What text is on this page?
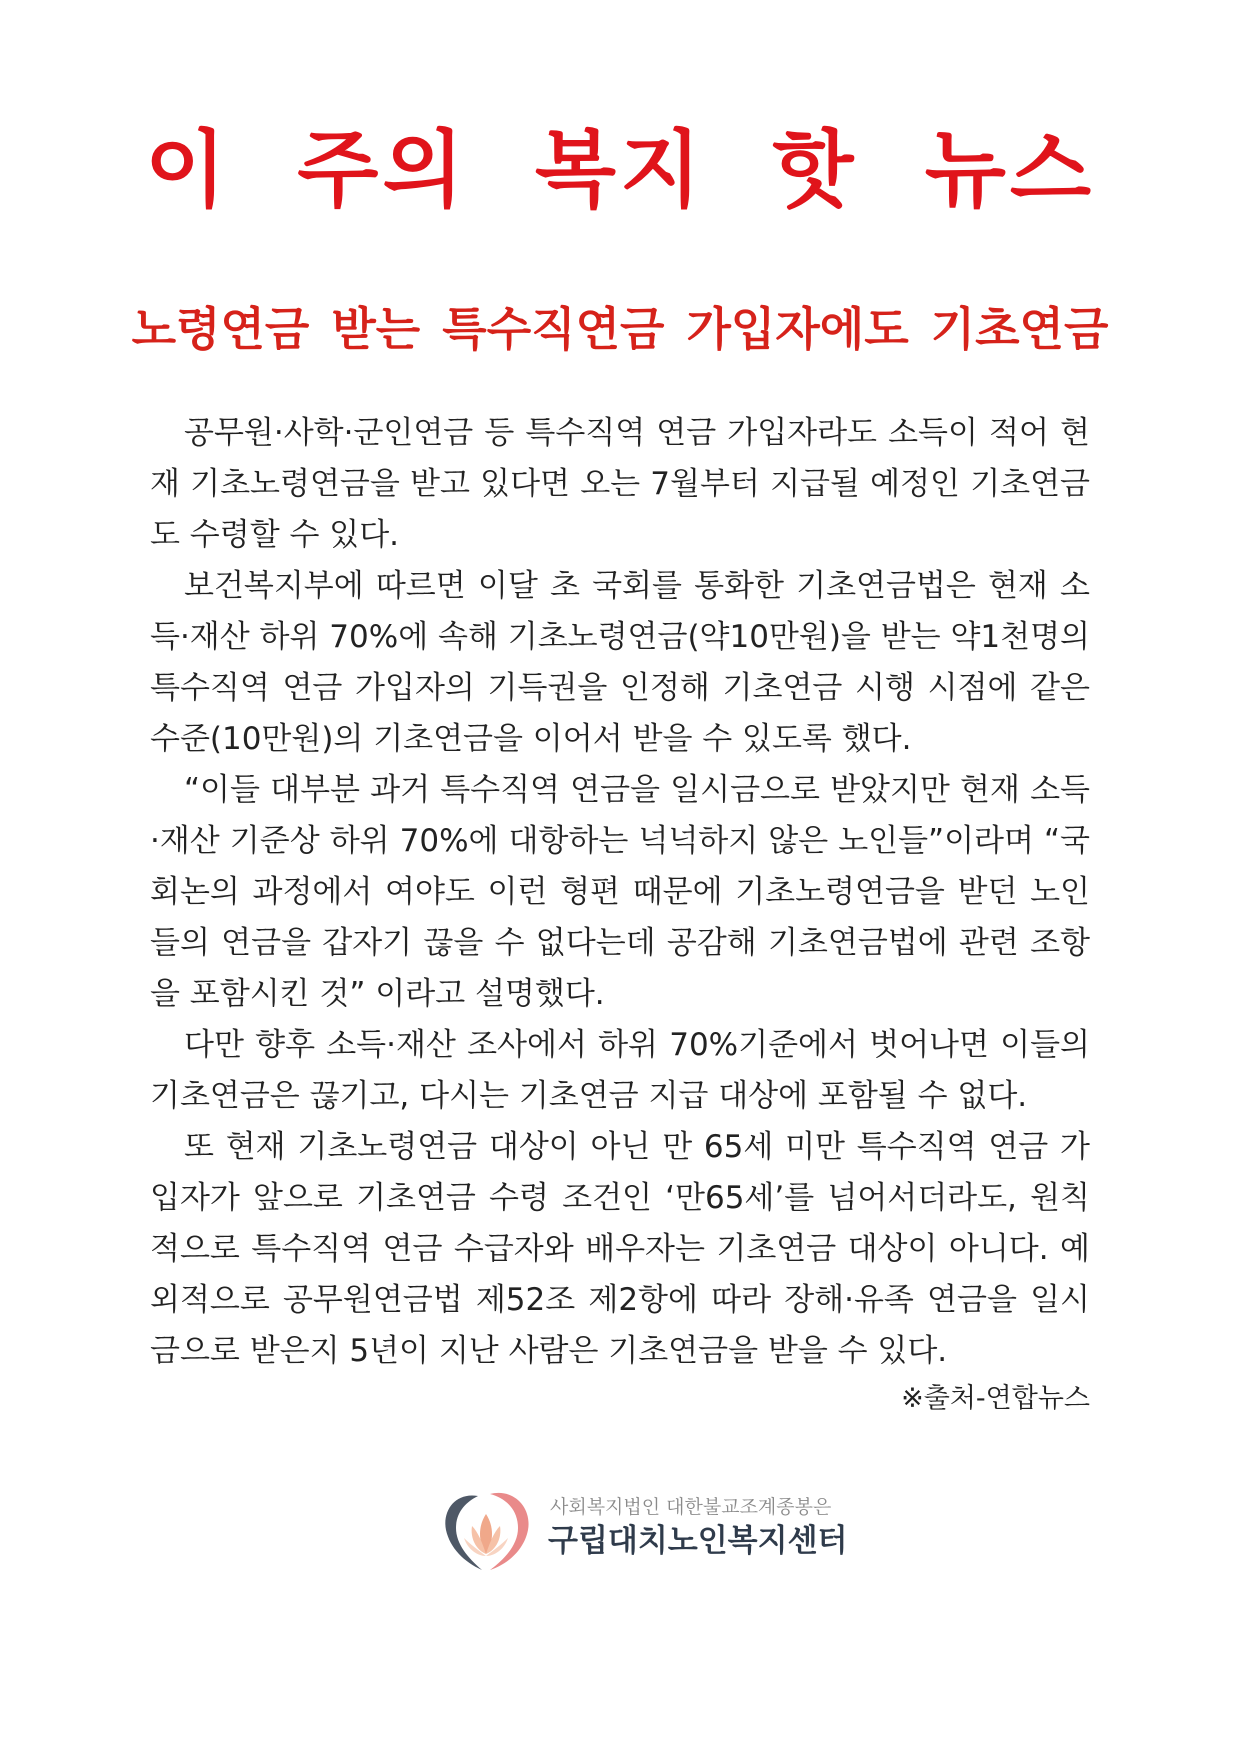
이 주의 복지 핫 뉴스
노령연금 받는 특수직연금 가입자에도 기초연금

공무원·사학·군인연금 등 특수직역 연금 가입자라도 소득이 적어 현재 기초노령연금을 받고 있다면 오는 7월부터 지급될 예정인 기초연금도 수령할 수 있다.

보건복지부에 따르면 이달 초 국회를 통화한 기초연금법은 현재 소득·재산 하위 70%에 속해 기초노령연금(약10만원)을 받는 약1천명의 특수직역 연금 가입자의 기득권을 인정해 기초연금 시행 시점에 같은 수준(10만원)의 기초연금을 이어서 받을 수 있도록 했다.

“이들 대부분 과거 특수직역 연금을 일시금으로 받았지만 현재 소득·재산 기준상 하위 70%에 대항하는 넉넉하지 않은 노인들”이라며 “국회논의 과정에서 여야도 이런 형편 때문에 기초노령연금을 받던 노인들의 연금을 갑자기 끊을 수 없다는데 공감해 기초연금법에 관련 조항을 포함시킨 것” 이라고 설명했다.

다만 향후 소득·재산 조사에서 하위 70%기준에서 벗어나면 이들의 기초연금은 끊기고, 다시는 기초연금 지급 대상에 포함될 수 없다.

또 현재 기초노령연금 대상이 아닌 만 65세 미만 특수직역 연금 가입자가 앞으로 기초연금 수령 조건인 ‘만65세’를 넘어서더라도, 원칙적으로 특수직역 연금 수급자와 배우자는 기초연금 대상이 아니다. 예외적으로 공무원연금법 제52조 제2항에 따라 장해·유족 연금을 일시금으로 받은지 5년이 지난 사람은 기초연금을 받을 수 있다.

※출처-연합뉴스

사회복지법인 대한불교조계종봉은
구립대치노인복지센터
